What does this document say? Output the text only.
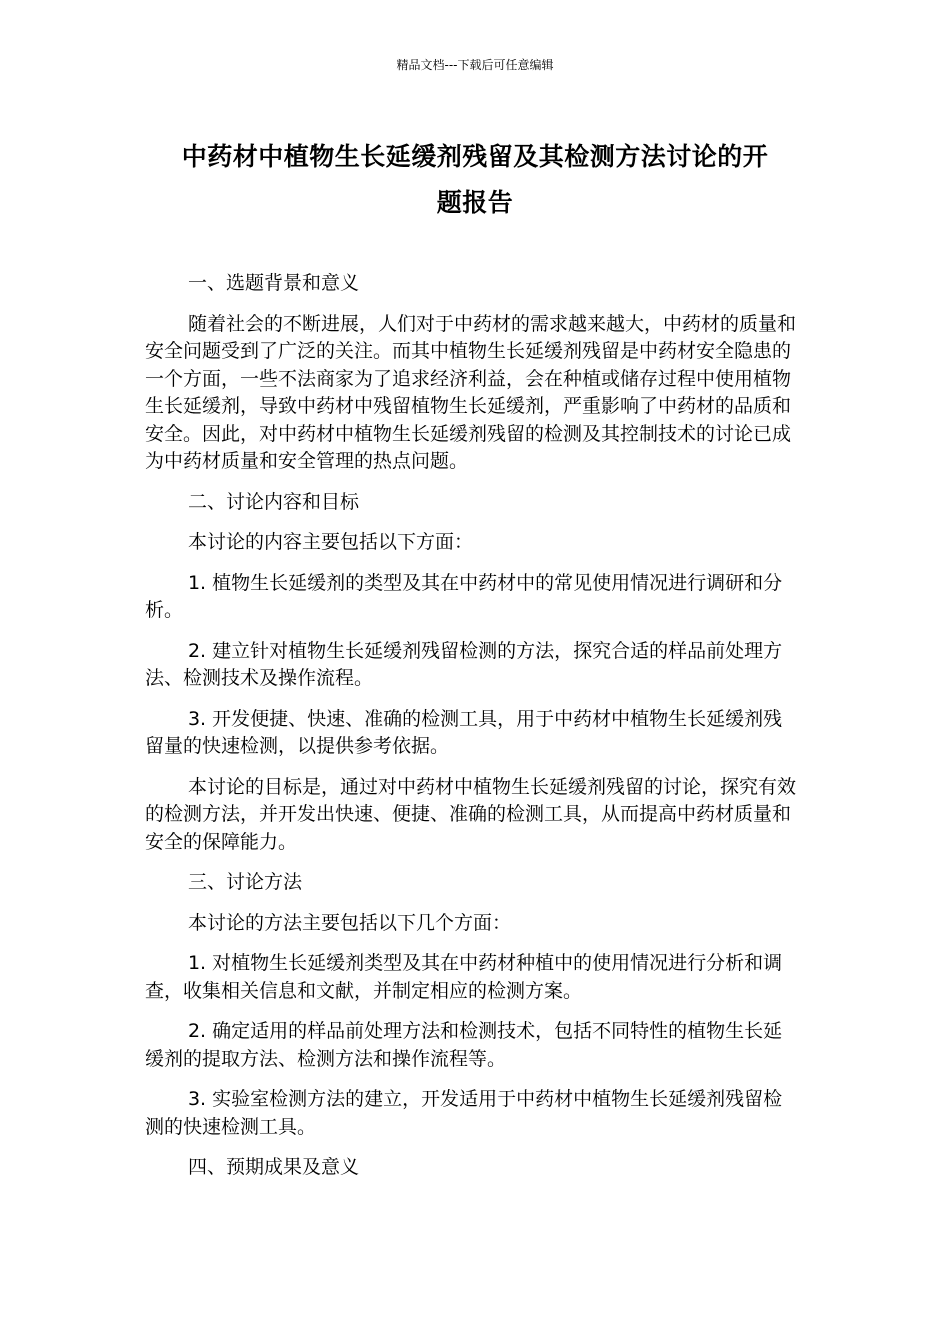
精品文档---下载后可任意编辑
中药材中植物生长延缓剂残留及其检测方法讨论的开
题报告

一、选题背景和意义

随着社会的不断进展，人们对于中药材的需求越来越大，中药材的质量和安全问题受到了广泛的关注。而其中植物生长延缓剂残留是中药材安全隐患的一个方面，一些不法商家为了追求经济利益，会在种植或储存过程中使用植物生长延缓剂，导致中药材中残留植物生长延缓剂，严重影响了中药材的品质和安全。因此，对中药材中植物生长延缓剂残留的检测及其控制技术的讨论已成为中药材质量和安全管理的热点问题。

二、讨论内容和目标

本讨论的内容主要包括以下方面：

1. 植物生长延缓剂的类型及其在中药材中的常见使用情况进行调研和分析。

2. 建立针对植物生长延缓剂残留检测的方法，探究合适的样品前处理方法、检测技术及操作流程。

3. 开发便捷、快速、准确的检测工具，用于中药材中植物生长延缓剂残留量的快速检测，以提供参考依据。

本讨论的目标是，通过对中药材中植物生长延缓剂残留的讨论，探究有效的检测方法，并开发出快速、便捷、准确的检测工具，从而提高中药材质量和安全的保障能力。

三、讨论方法

本讨论的方法主要包括以下几个方面：

1. 对植物生长延缓剂类型及其在中药材种植中的使用情况进行分析和调查，收集相关信息和文献，并制定相应的检测方案。

2. 确定适用的样品前处理方法和检测技术，包括不同特性的植物生长延缓剂的提取方法、检测方法和操作流程等。

3. 实验室检测方法的建立，开发适用于中药材中植物生长延缓剂残留检测的快速检测工具。

四、预期成果及意义
